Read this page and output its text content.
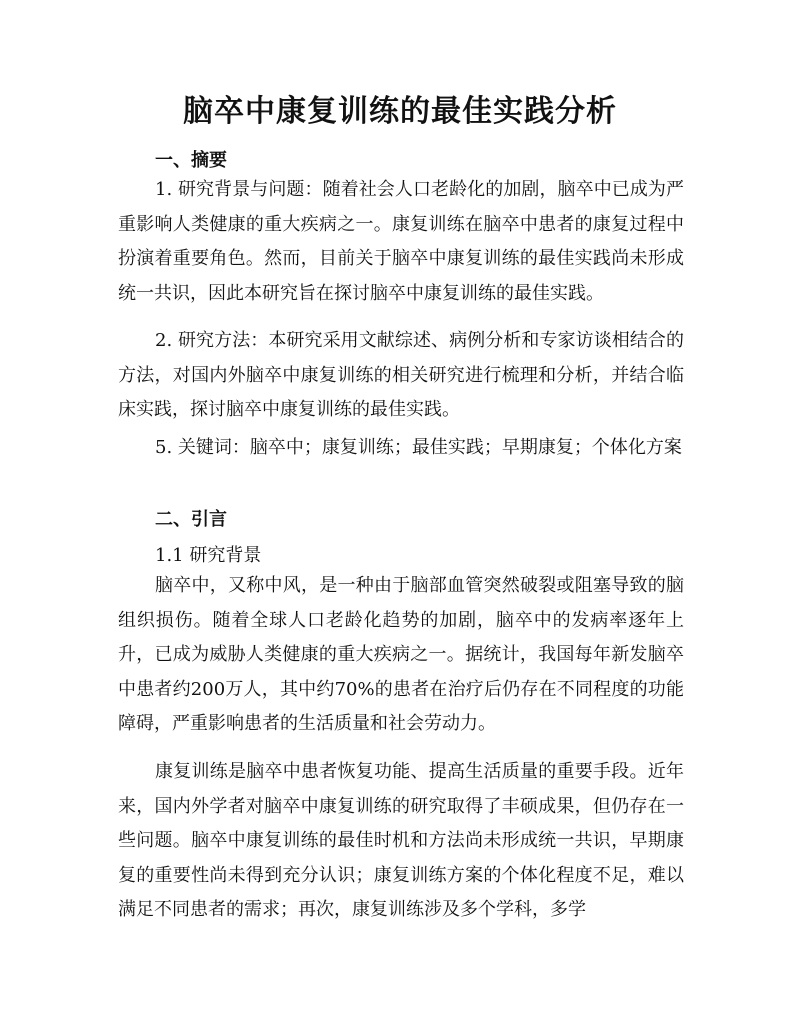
脑卒中康复训练的最佳实践分析
一、摘要

1. 研究背景与问题：随着社会人口老龄化的加剧，脑卒中已成为严重影响人类健康的重大疾病之一。康复训练在脑卒中患者的康复过程中扮演着重要角色。然而，目前关于脑卒中康复训练的最佳实践尚未形成统一共识，因此本研究旨在探讨脑卒中康复训练的最佳实践。

2. 研究方法：本研究采用文献综述、病例分析和专家访谈相结合的方法，对国内外脑卒中康复训练的相关研究进行梳理和分析，并结合临床实践，探讨脑卒中康复训练的最佳实践。

5. 关键词：脑卒中；康复训练；最佳实践；早期康复；个体化方案

二、引言
1.1 研究背景

脑卒中，又称中风，是一种由于脑部血管突然破裂或阻塞导致的脑组织损伤。随着全球人口老龄化趋势的加剧，脑卒中的发病率逐年上升，已成为威胁人类健康的重大疾病之一。据统计，我国每年新发脑卒中患者约200万人，其中约70%的患者在治疗后仍存在不同程度的功能障碍，严重影响患者的生活质量和社会劳动力。

康复训练是脑卒中患者恢复功能、提高生活质量的重要手段。近年来，国内外学者对脑卒中康复训练的研究取得了丰硕成果，但仍存在一些问题。脑卒中康复训练的最佳时机和方法尚未形成统一共识，早期康复的重要性尚未得到充分认识；康复训练方案的个体化程度不足，难以满足不同患者的需求；再次，康复训练涉及多个学科，多学
